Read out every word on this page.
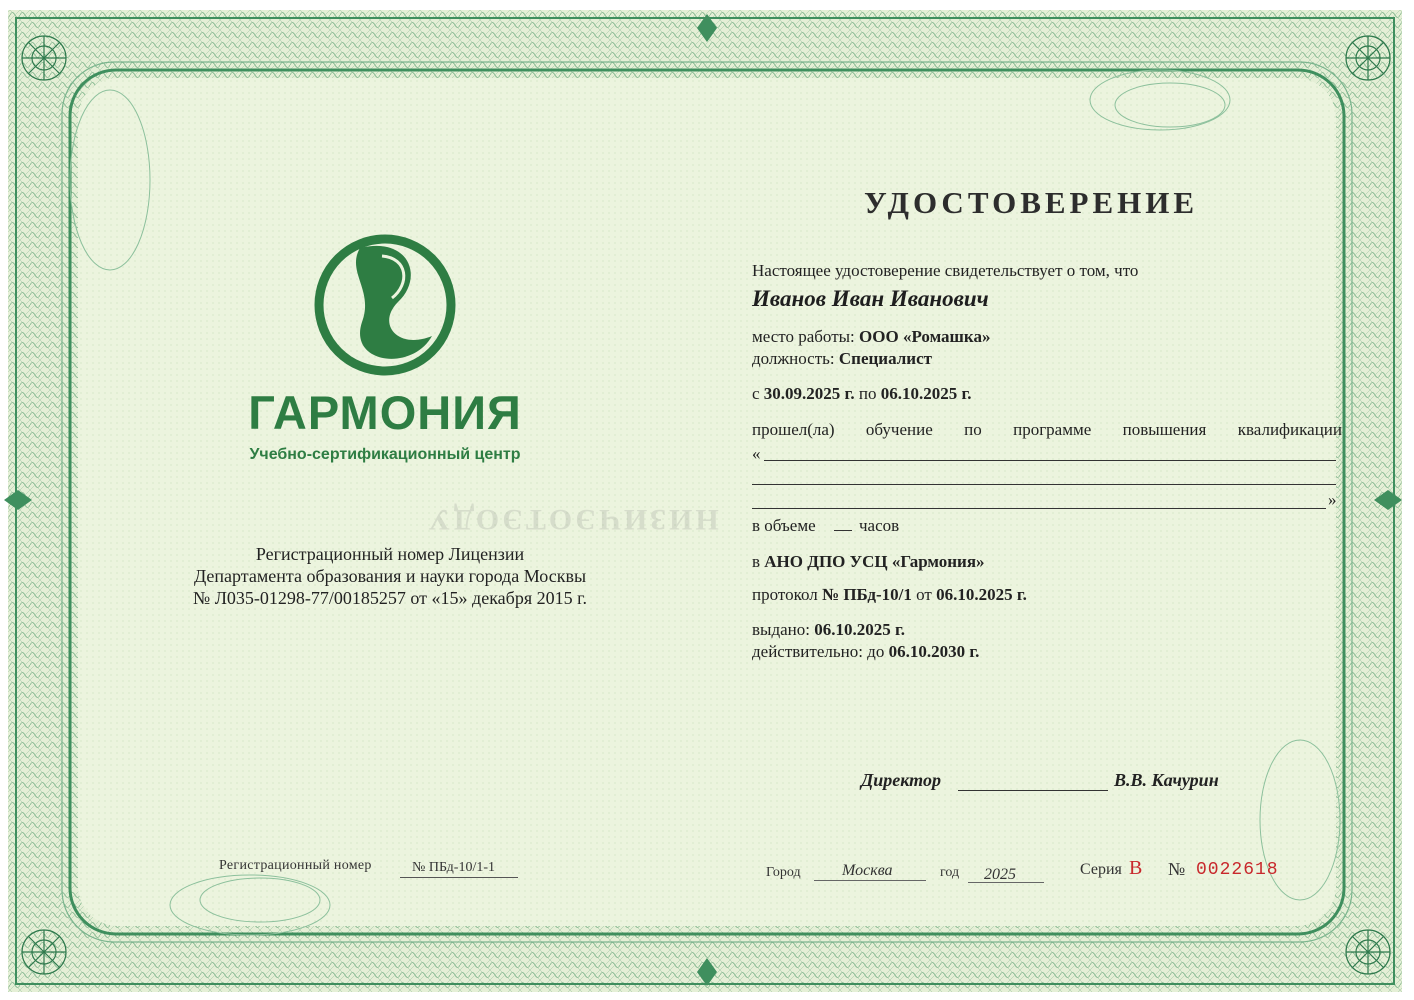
НИЗИЧЭОТЭОДУ
ГАРМОНИЯ
Учебно-сертификационный центр
Регистрационный номер Лицензии
Департамента образования и науки города Москвы
№ Л035-01298-77/00185257 от «15» декабря 2015 г.
Регистрационный номер	№ ПБд-10/1-1
УДОСТОВЕРЕНИЕ
Настоящее удостоверение свидетельствует о том, что
Иванов Иван Иванович
место работы: ООО «Ромашка»
должность: Специалист
с 30.09.2025 г. по 06.10.2025 г.
прошел(ла) обучение по программе повышения квалификации
«
»
в объеме	часов
в АНО ДПО УСЦ «Гармония»
протокол № ПБд-10/1 от 06.10.2025 г.
выдано: 06.10.2025 г.
действительно: до 06.10.2030 г.
Директор	В.В. Качурин
Город	Москва	год 2025	Серия В № 0022618
